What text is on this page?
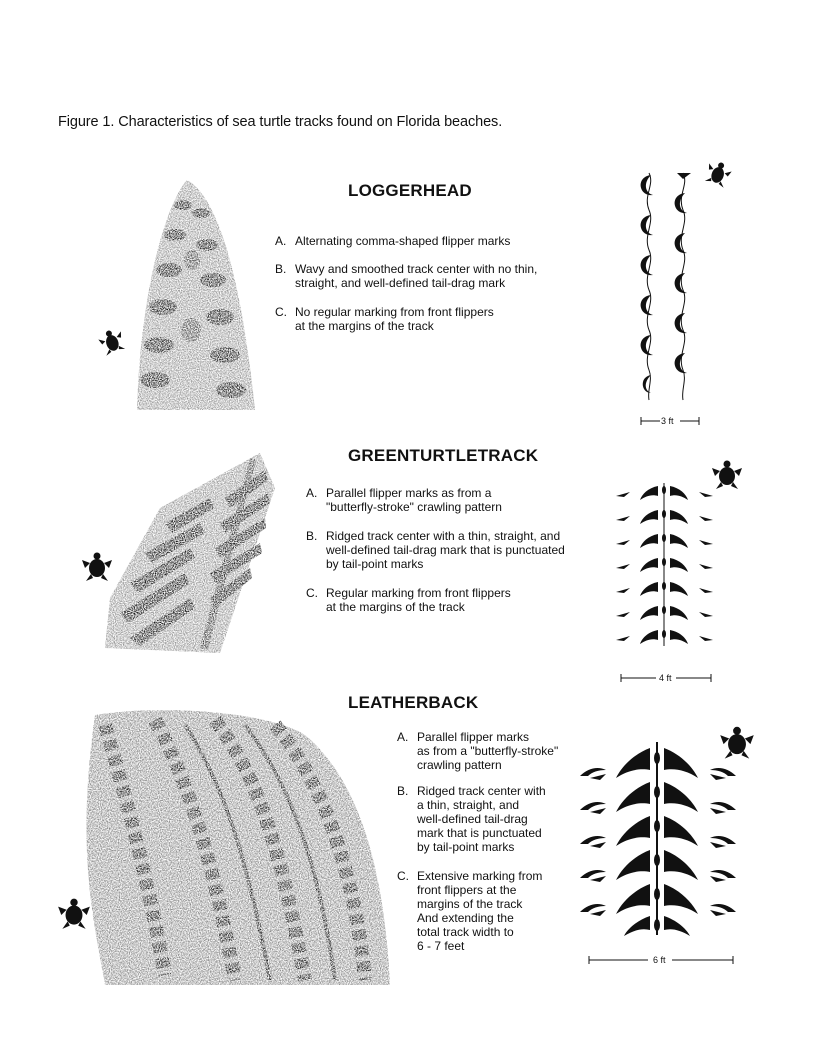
Figure 1. Characteristics of sea turtle tracks found on Florida beaches.
LOGGERHEAD
A. Alternating comma-shaped flipper marks
B. Wavy and smoothed track center with no thin,
straight, and well-defined tail-drag mark
C. No regular marking from front flippers
at the margins of the track
3 ft
GREENTURTLETRACK
A. Parallel flipper marks as from a
"butterfly-stroke" crawling pattern
B. Ridged track center with a thin, straight, and
well-defined tail-drag mark that is punctuated
by tail-point marks
C. Regular marking from front flippers
at the margins of the track
4 ft
LEATHERBACK
A. Parallel flipper marks
as from a "butterfly-stroke"
crawling pattern
B. Ridged track center with
a thin, straight, and
well-defined tail-drag
mark that is punctuated
by tail-point marks
C. Extensive marking from
front flippers at the
margins of the track
And extending the
total track width to
6 - 7 feet
6 ft
